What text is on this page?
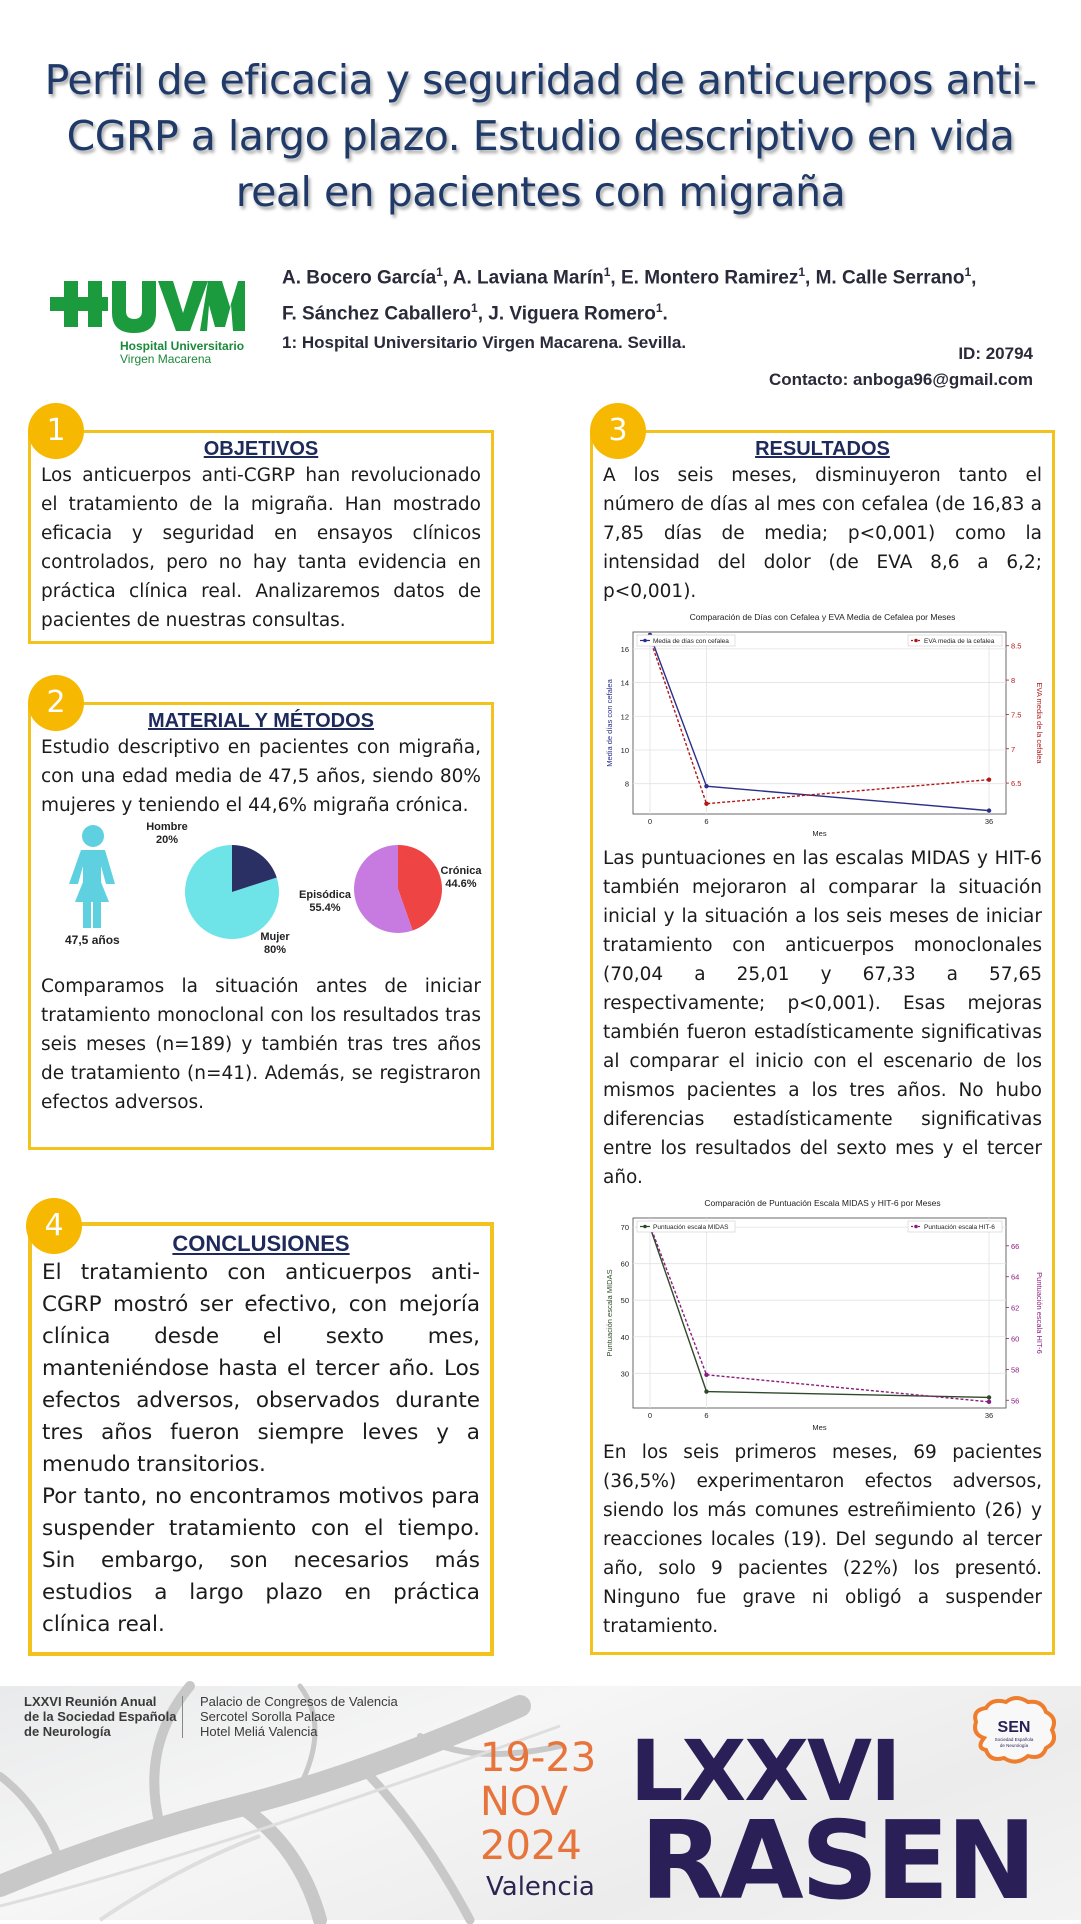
Perfil de eficacia y seguridad de anticuerpos anti-CGRP a largo plazo. Estudio descriptivo en vida real en pacientes con migraña
Hospital Universitario
Virgen Macarena
A. Bocero García$^1$, A. Laviana Marín$^1$, E. Montero Ramirez$^1$, M. Calle Serrano$^1$,
F. Sánchez Caballero$^1$, J. Viguera Romero$^1$.
1: Hospital Universitario Virgen Macarena. Sevilla.
ID: 20794
Contacto: anboga96@gmail.com
OBJETIVOS

Los anticuerpos anti-CGRP han revolucionado el tratamiento de la migraña. Han mostrado eficacia y seguridad en ensayos clínicos controlados, pero no hay tanta evidencia en práctica clínica real. Analizaremos datos de pacientes de nuestras consultas.

1
MATERIAL Y MÉTODOS

Estudio descriptivo en pacientes con migraña, con una edad media de 47,5 años, siendo 80% mujeres y teniendo el 44,6% migraña crónica.

47,5 años
Hombre
20%
Mujer
80%
Episódica
55.4%
Crónica
44.6%

Comparamos la situación antes de iniciar tratamiento monoclonal con los resultados tras seis meses (n=189) y también tras tres años de tratamiento (n=41). Además, se registraron efectos adversos.

2
RESULTADOS

A los seis meses, disminuyeron tanto el número de días al mes con cefalea (de 16,83 a 7,85 días de media; p<0,001) como la intensidad del dolor (de EVA 8,6 a 6,2; p<0,001).

Comparación de Días con Cefalea y EVA Media de Cefalea por Meses
8
10
12
14
16
6.5
7
7.5
8
8.5
0	6	36
Mes
Media de días con cefalea	EVA media de la cefalea
Media de días con cefalea	EVA media de la cefalea

Las puntuaciones en las escalas MIDAS y HIT-6 también mejoraron al comparar la situación inicial y la situación a los seis meses de iniciar tratamiento con anticuerpos monoclonales (70,04 a 25,01 y 67,33 a 57,65 respectivamente; p<0,001). Esas mejoras también fueron estadísticamente significativas al comparar el inicio con el escenario de los mismos pacientes a los tres años. No hubo diferencias estadísticamente significativas entre los resultados del sexto mes y el tercer año.

Comparación de Puntuación Escala MIDAS y HIT-6 por Meses
30
40
50
60
70
56
58
60
62
64
66
0	6	36
Mes
Puntuación escala MIDAS	Puntuación escala HIT-6
Puntuación escala MIDAS	Puntuación escala HIT-6

En los seis primeros meses, 69 pacientes (36,5%) experimentaron efectos adversos, siendo los más comunes estreñimiento (26) y reacciones locales (19). Del segundo al tercer año, solo 9 pacientes (22%) los presentó. Ninguno fue grave ni obligó a suspender tratamiento.

3
CONCLUSIONES

El tratamiento con anticuerpos anti-CGRP mostró ser efectivo, con mejoría clínica desde el sexto mes, manteniéndose hasta el tercer año. Los efectos adversos, observados durante tres años fueron siempre leves y a menudo transitorios.

Por tanto, no encontramos motivos para suspender tratamiento con el tiempo. Sin embargo, son necesarios más estudios a largo plazo en práctica clínica real.

4
LXXVI Reunión Anual
de la Sociedad Española
de Neurología
Palacio de Congresos de Valencia
Sercotel Sorolla Palace
Hotel Meliá Valencia
19-23
NOV
2024
Valencia
LXXVI
RASEN
SEN
Sociedad Española
de Neurología
